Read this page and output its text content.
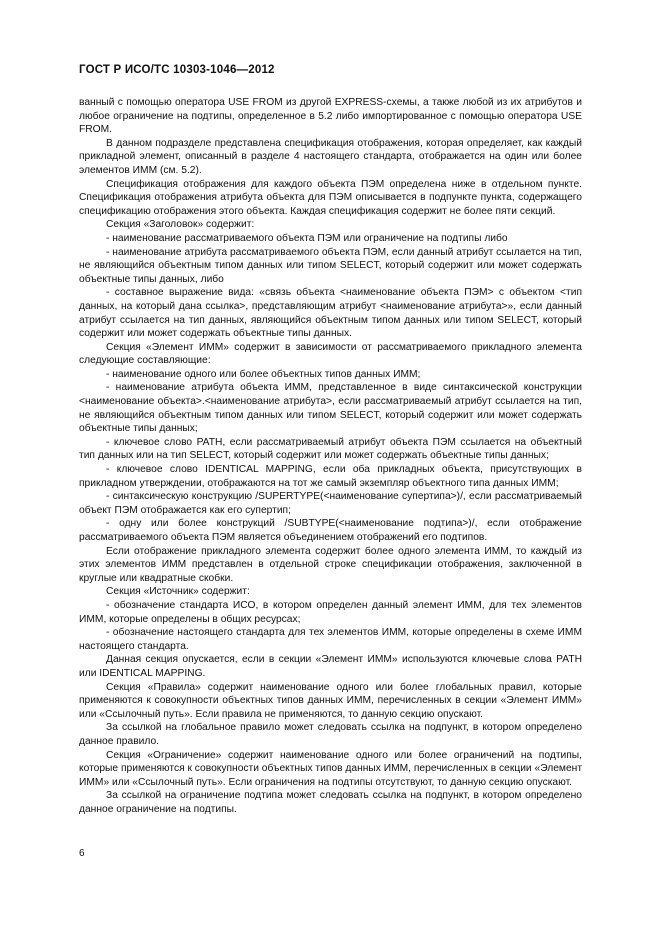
ГОСТ Р ИСО/ТС 10303-1046—2012

ванный с помощью оператора USE FROM из другой EXPRESS-схемы, а также любой из их атрибутов и любое ограничение на подтипы, определенное в 5.2 либо импортированное с помощью оператора USE FROM.

В данном подразделе представлена спецификация отображения, которая определяет, как каждый прикладной элемент, описанный в разделе 4 настоящего стандарта, отображается на один или более элементов ИММ (см. 5.2).

Спецификация отображения для каждого объекта ПЭМ определена ниже в отдельном пункте. Спецификация отображения атрибута объекта для ПЭМ описывается в подпункте пункта, содержащего спецификацию отображения этого объекта. Каждая спецификация содержит не более пяти секций.

Секция «Заголовок» содержит:

- наименование рассматриваемого объекта ПЭМ или ограничение на подтипы либо

- наименование атрибута рассматриваемого объекта ПЭМ, если данный атрибут ссылается на тип, не являющийся объектным типом данных или типом SELECT, который содержит или может содержать объектные типы данных, либо

- составное выражение вида: «связь объекта <наименование объекта ПЭМ> с объектом <тип данных, на который дана ссылка>, представляющим атрибут <наименование атрибута>», если данный атрибут ссылается на тип данных, являющийся объектным типом данных или типом SELECT, который содержит или может содержать объектные типы данных.

Секция «Элемент ИММ» содержит в зависимости от рассматриваемого прикладного элемента следующие составляющие:

- наименование одного или более объектных типов данных ИММ;

- наименование атрибута объекта ИММ, представленное в виде синтаксической конструкции <наименование объекта>.<наименование атрибута>, если рассматриваемый атрибут ссылается на тип, не являющийся объектным типом данных или типом SELECT, который содержит или может содержать объектные типы данных;

- ключевое слово PATH, если рассматриваемый атрибут объекта ПЭМ ссылается на объектный тип данных или на тип SELECT, который содержит или может содержать объектные типы данных;

- ключевое слово IDENTICAL MAPPING, если оба прикладных объекта, присутствующих в прикладном утверждении, отображаются на тот же самый экземпляр объектного типа данных ИММ;

- синтаксическую конструкцию /SUPERTYPE(<наименование супертипа>)/, если рассматриваемый объект ПЭМ отображается как его супертип;

- одну или более конструкций /SUBTYPE(<наименование подтипа>)/, если отображение рассматриваемого объекта ПЭМ является объединением отображений его подтипов.

Если отображение прикладного элемента содержит более одного элемента ИММ, то каждый из этих элементов ИММ представлен в отдельной строке спецификации отображения, заключенной в круглые или квадратные скобки.

Секция «Источник» содержит:

- обозначение стандарта ИСО, в котором определен данный элемент ИММ, для тех элементов ИММ, которые определены в общих ресурсах;

- обозначение настоящего стандарта для тех элементов ИММ, которые определены в схеме ИММ настоящего стандарта.

Данная секция опускается, если в секции «Элемент ИММ» используются ключевые слова PATH или IDENTICAL MAPPING.

Секция «Правила» содержит наименование одного или более глобальных правил, которые применяются к совокупности объектных типов данных ИММ, перечисленных в секции «Элемент ИММ» или «Ссылочный путь». Если правила не применяются, то данную секцию опускают.

За ссылкой на глобальное правило может следовать ссылка на подпункт, в котором определено данное правило.

Секция «Ограничение» содержит наименование одного или более ограничений на подтипы, которые применяются к совокупности объектных типов данных ИММ, перечисленных в секции «Элемент ИММ» или «Ссылочный путь». Если ограничения на подтипы отсутствуют, то данную секцию опускают.

За ссылкой на ограничение подтипа может следовать ссылка на подпункт, в котором определено данное ограничение на подтипы.

6
